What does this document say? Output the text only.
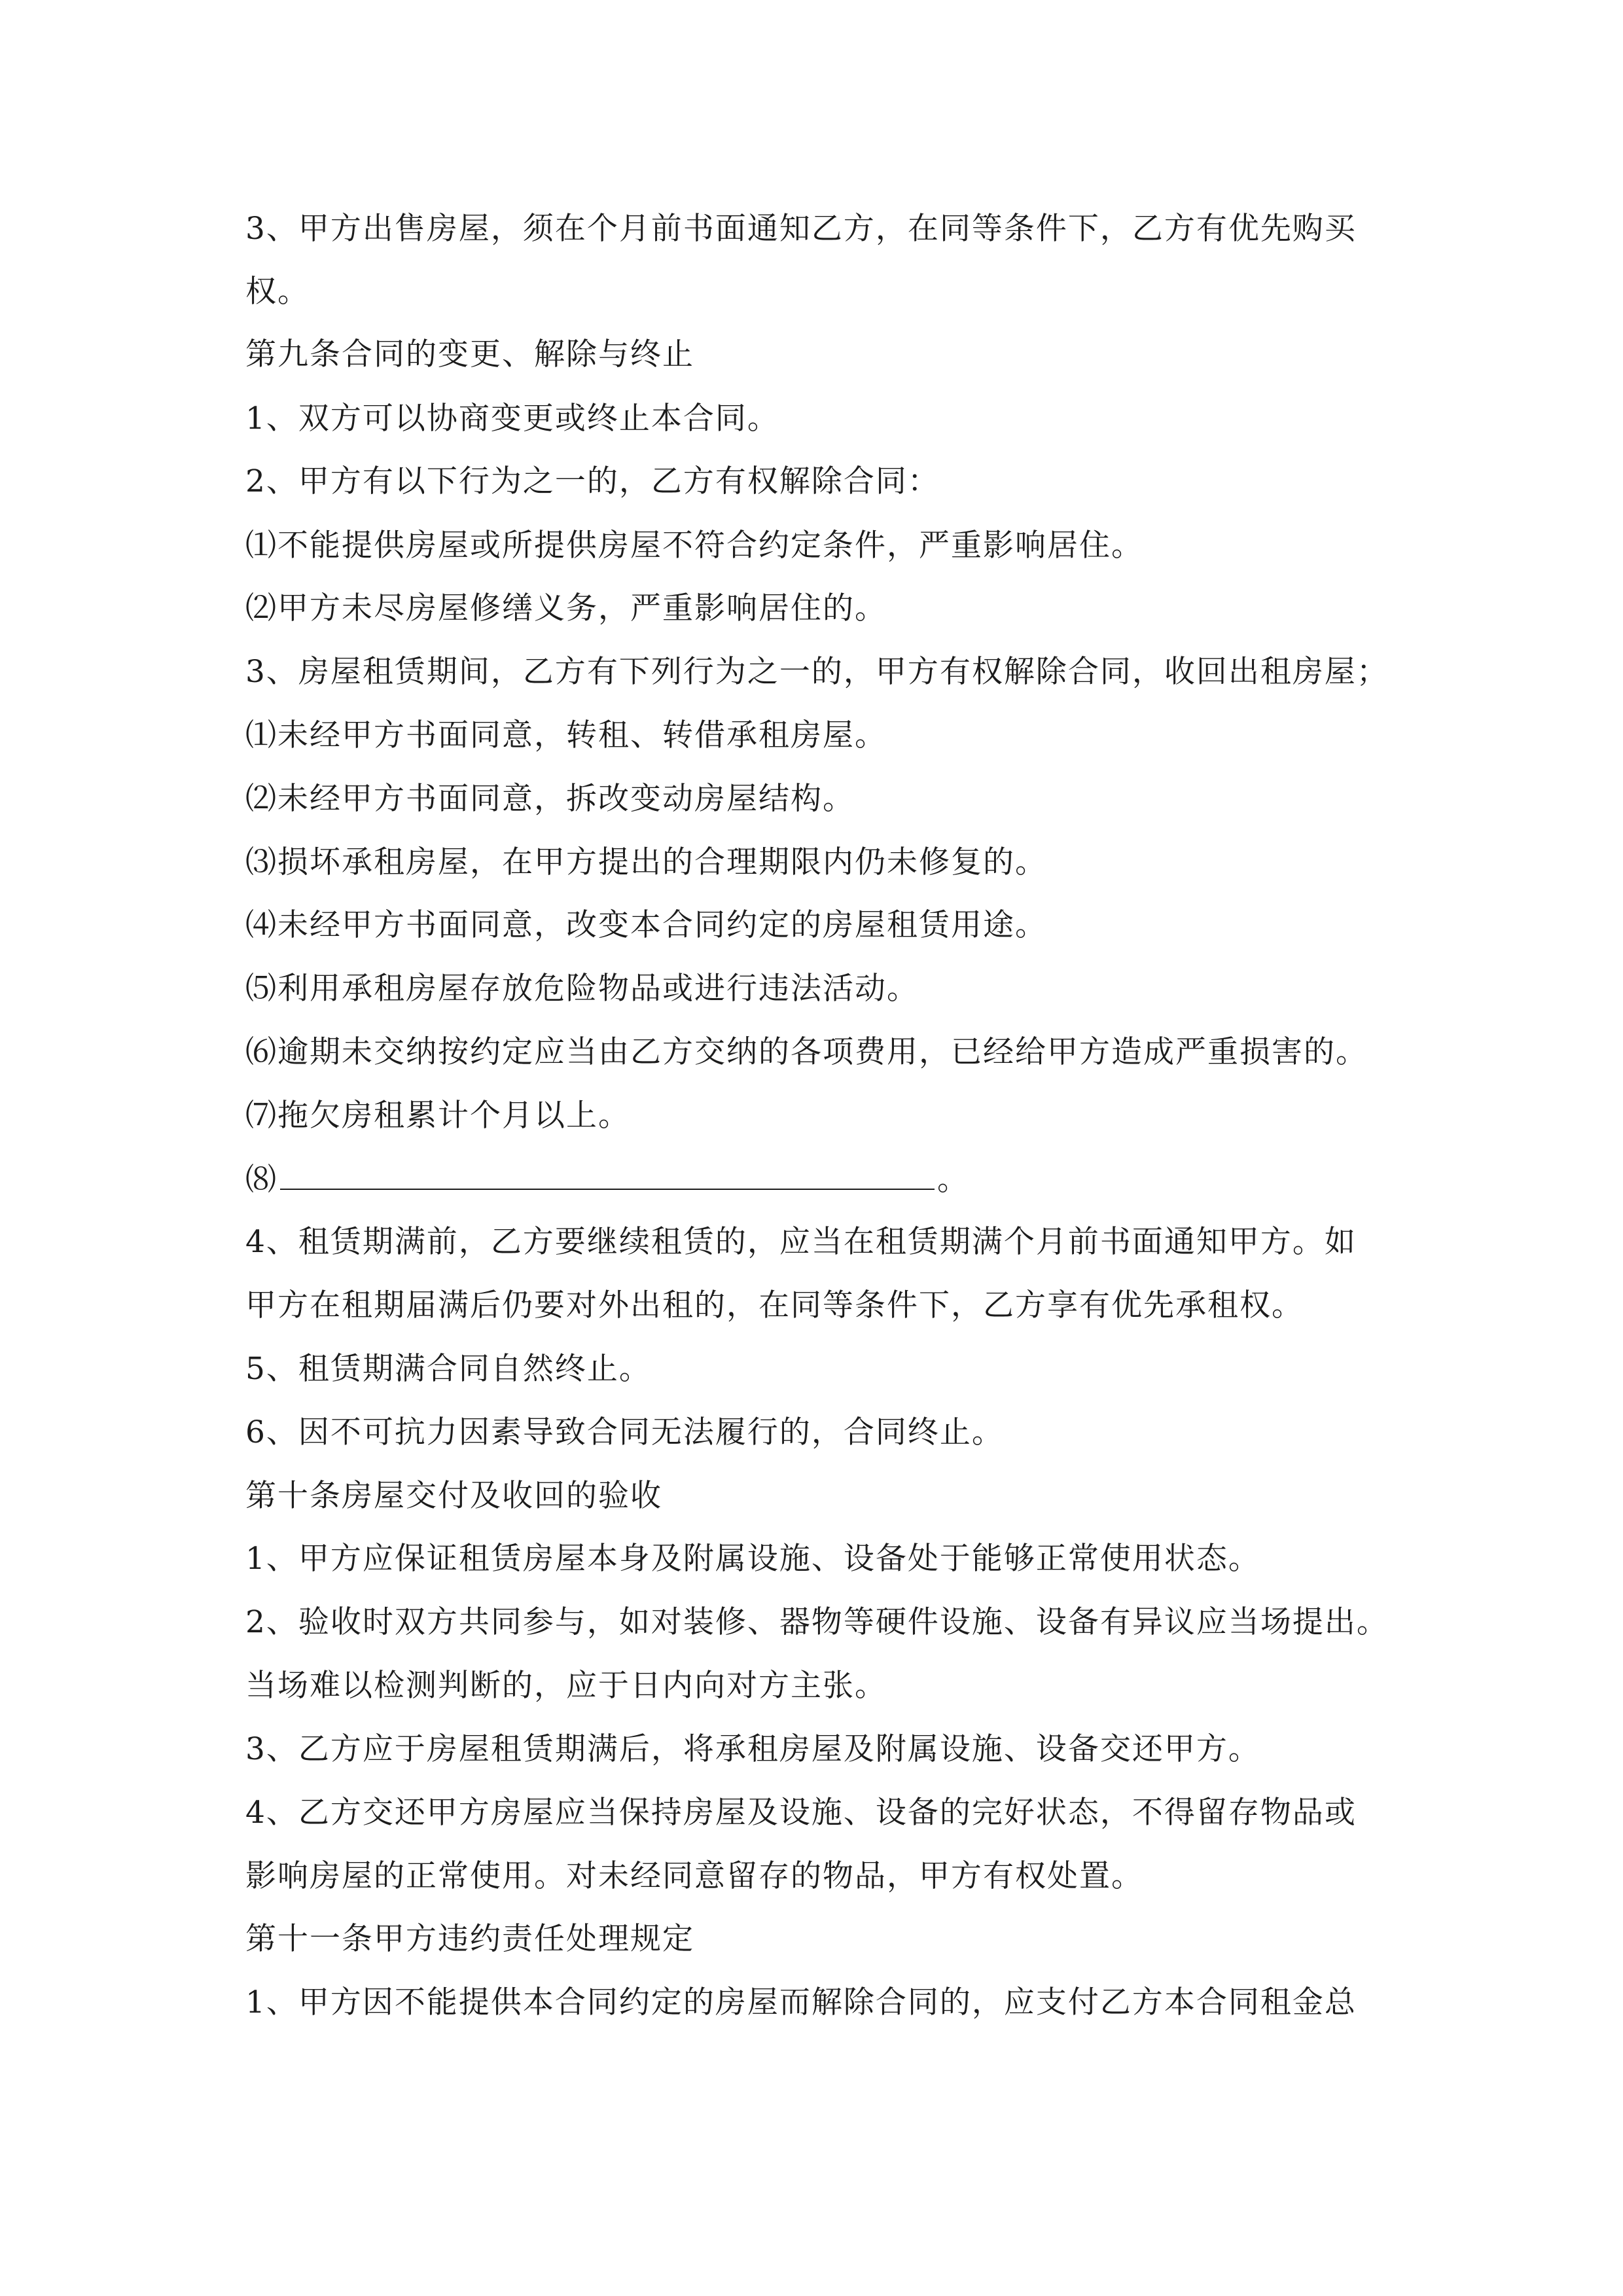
3、甲方出售房屋，须在个月前书面通知乙方，在同等条件下，乙方有优先购买
权。
第九条合同的变更、解除与终止
1、双方可以协商变更或终止本合同。
2、甲方有以下行为之一的，乙方有权解除合同：
⑴不能提供房屋或所提供房屋不符合约定条件，严重影响居住。
⑵甲方未尽房屋修缮义务，严重影响居住的。
3、房屋租赁期间，乙方有下列行为之一的，甲方有权解除合同，收回出租房屋；
⑴未经甲方书面同意，转租、转借承租房屋。
⑵未经甲方书面同意，拆改变动房屋结构。
⑶损坏承租房屋，在甲方提出的合理期限内仍未修复的。
⑷未经甲方书面同意，改变本合同约定的房屋租赁用途。
⑸利用承租房屋存放危险物品或进行违法活动。
⑹逾期未交纳按约定应当由乙方交纳的各项费用，已经给甲方造成严重损害的。
⑺拖欠房租累计个月以上。
⑻	。
4、租赁期满前，乙方要继续租赁的，应当在租赁期满个月前书面通知甲方。如
甲方在租期届满后仍要对外出租的，在同等条件下，乙方享有优先承租权。
5、租赁期满合同自然终止。
6、因不可抗力因素导致合同无法履行的，合同终止。
第十条房屋交付及收回的验收
1、甲方应保证租赁房屋本身及附属设施、设备处于能够正常使用状态。
2、验收时双方共同参与，如对装修、器物等硬件设施、设备有异议应当场提出。
当场难以检测判断的，应于日内向对方主张。
3、乙方应于房屋租赁期满后，将承租房屋及附属设施、设备交还甲方。
4、乙方交还甲方房屋应当保持房屋及设施、设备的完好状态，不得留存物品或
影响房屋的正常使用。对未经同意留存的物品，甲方有权处置。
第十一条甲方违约责任处理规定
1、甲方因不能提供本合同约定的房屋而解除合同的，应支付乙方本合同租金总
